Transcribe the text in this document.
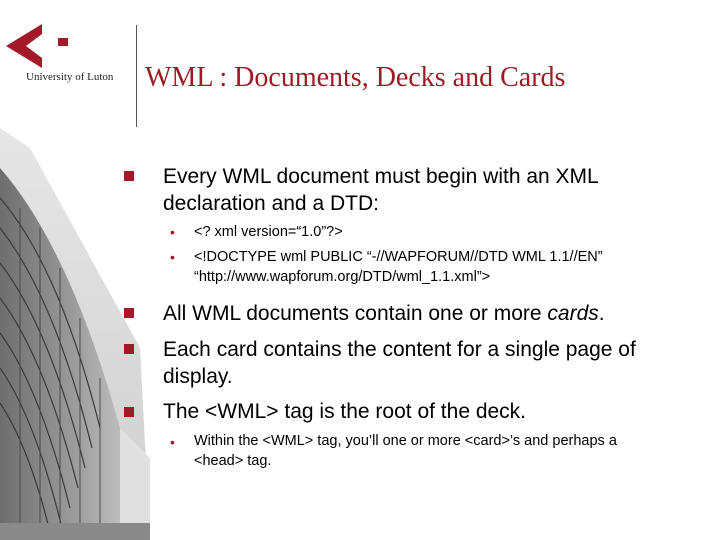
University of Luton WML : Documents, Decks and Cards
Every WML document must begin with an XML declaration and a DTD:
• <? xml version=“1.0”?>
• <!DOCTYPE wml PUBLIC “-//WAPFORUM//DTD WML 1.1//EN” “http://www.wapforum.org/DTD/wml_1.1.xml”>
All WML documents contain one or more cards.
Each card contains the content for a single page of display.
The <WML> tag is the root of the deck.
• Within the <WML> tag, you’ll one or more <card>’s and perhaps a <head> tag.
